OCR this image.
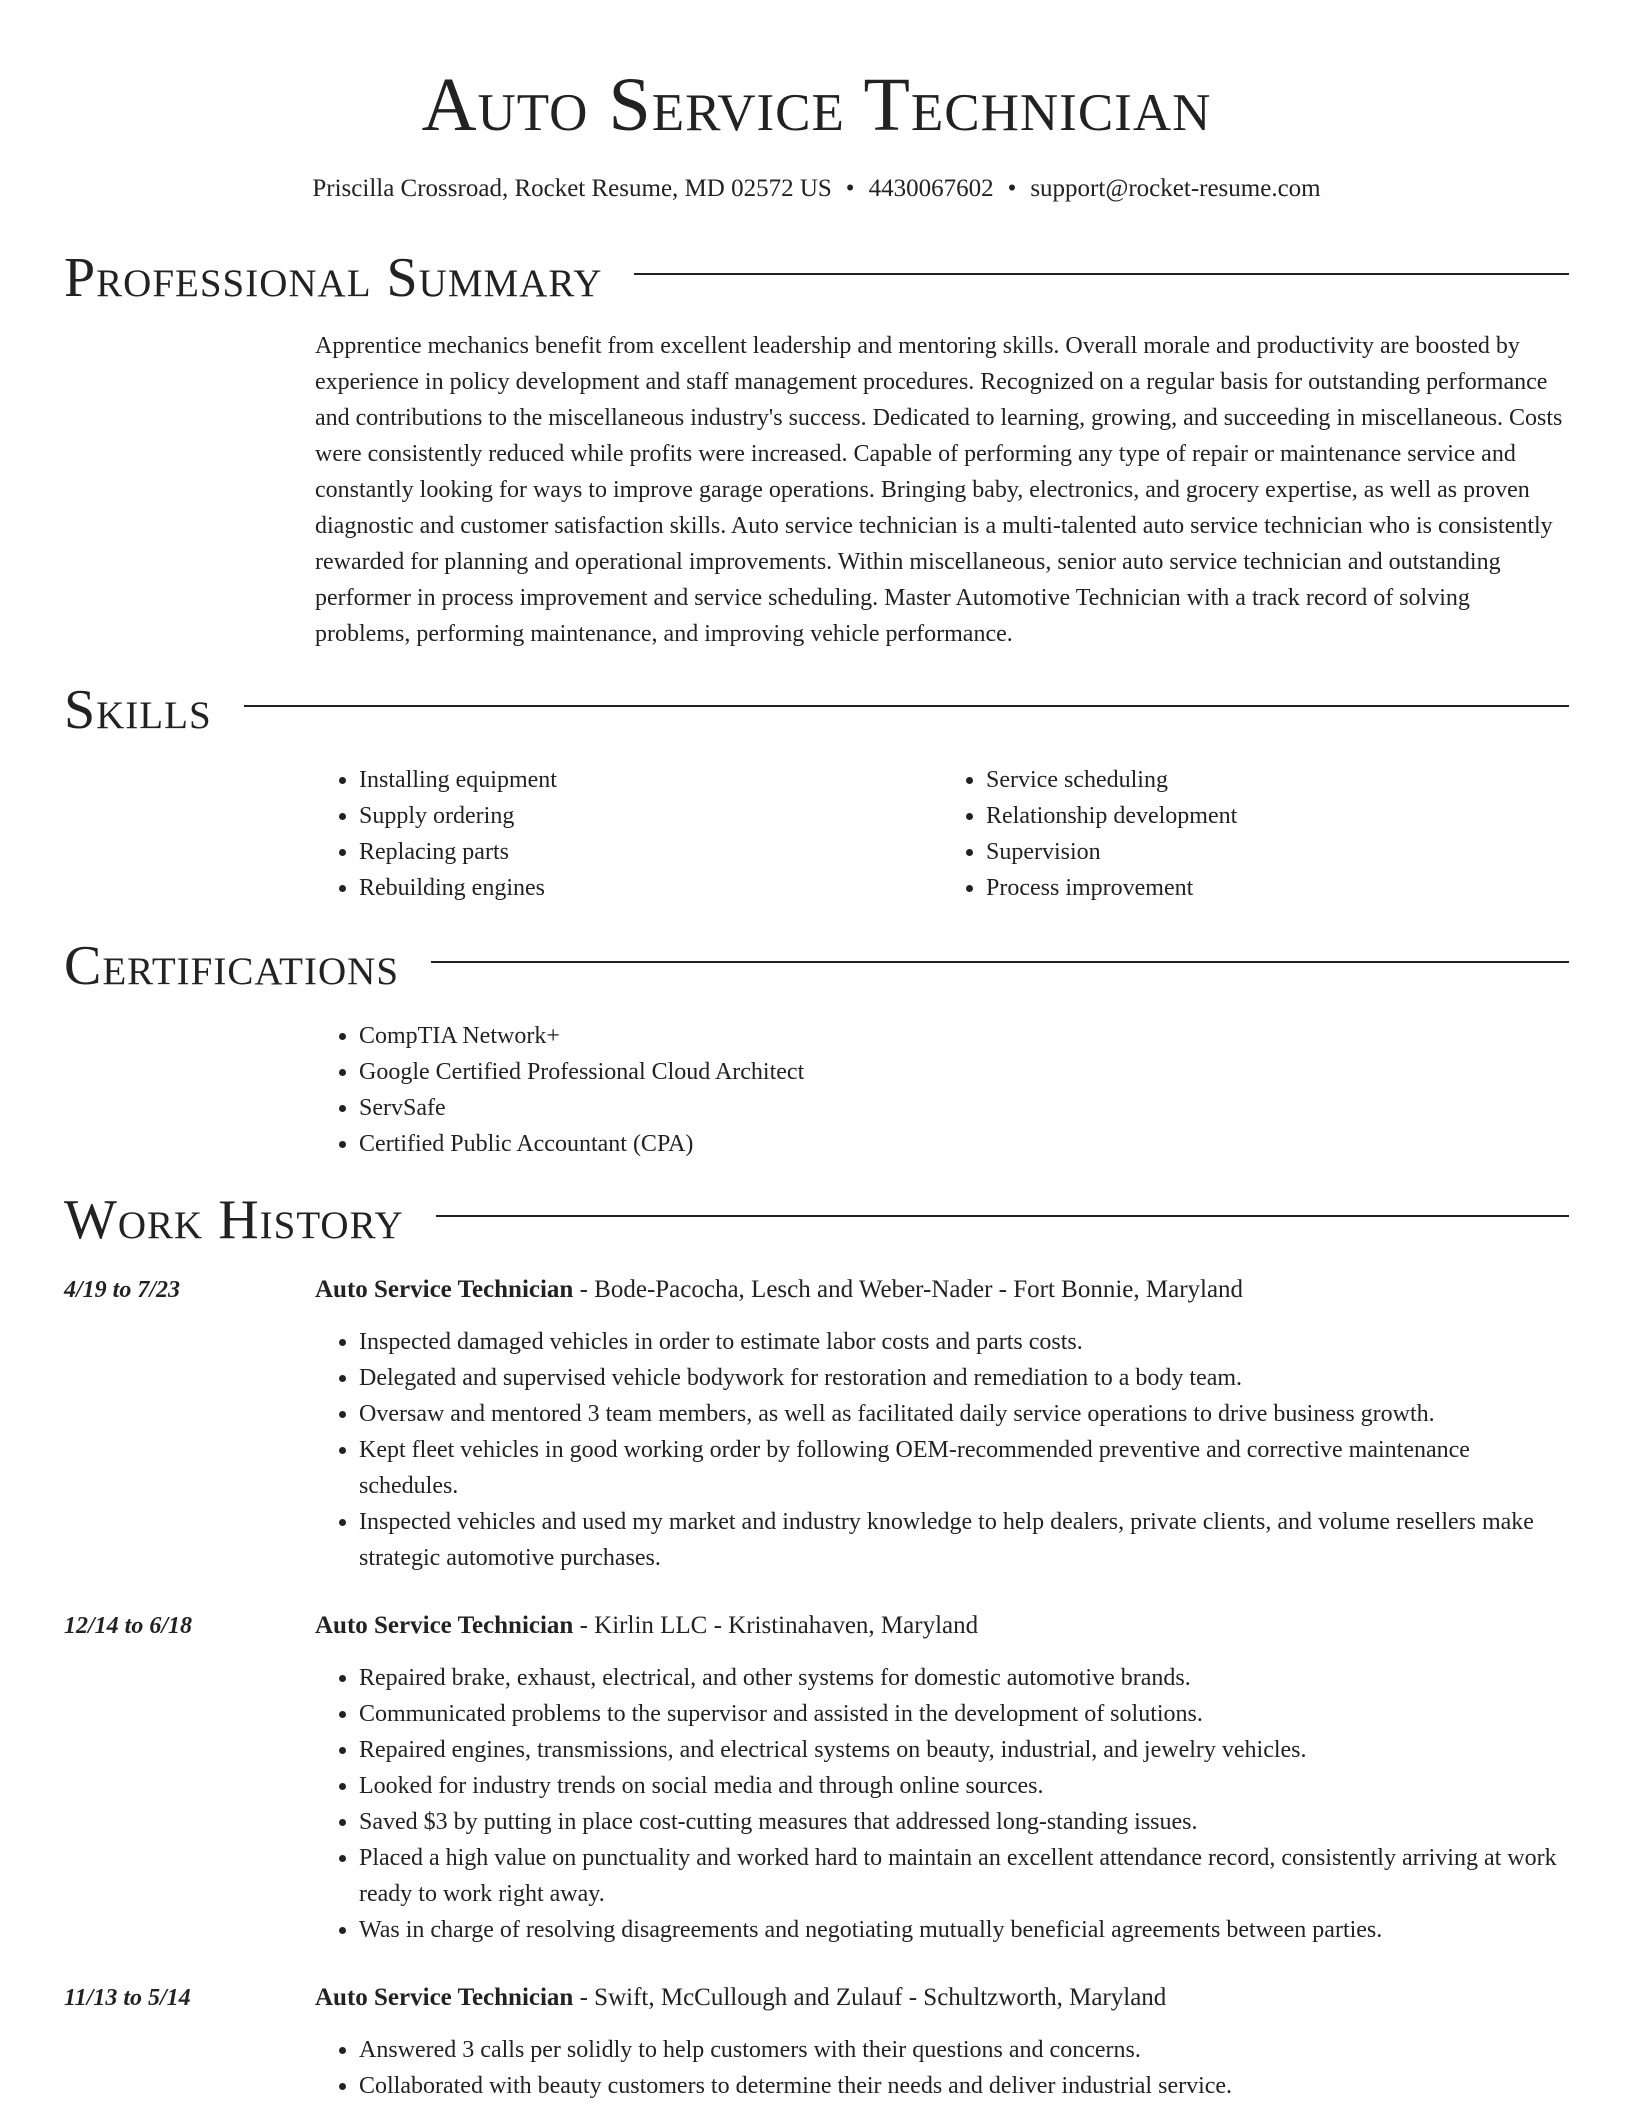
Auto Service Technician
Priscilla Crossroad, Rocket Resume, MD 02572 US • 4430067602 • support@rocket-resume.com
Professional Summary

Apprentice mechanics benefit from excellent leadership and mentoring skills. Overall morale and productivity are boosted by experience in policy development and staff management procedures. Recognized on a regular basis for outstanding performance and contributions to the miscellaneous industry's success. Dedicated to learning, growing, and succeeding in miscellaneous. Costs were consistently reduced while profits were increased. Capable of performing any type of repair or maintenance service and constantly looking for ways to improve garage operations. Bringing baby, electronics, and grocery expertise, as well as proven diagnostic and customer satisfaction skills. Auto service technician is a multi-talented auto service technician who is consistently rewarded for planning and operational improvements. Within miscellaneous, senior auto service technician and outstanding performer in process improvement and service scheduling. Master Automotive Technician with a track record of solving problems, performing maintenance, and improving vehicle performance.

Skills
• Installing equipment
• Supply ordering
• Replacing parts
• Rebuilding engines
• Service scheduling
• Relationship development
• Supervision
• Process improvement
Certifications
• CompTIA Network+
• Google Certified Professional Cloud Architect
• ServSafe
• Certified Public Accountant (CPA)
Work History
4/19 to 7/23	Auto Service Technician - Bode-Pacocha, Lesch and Weber-Nader - Fort Bonnie, Maryland
• Inspected damaged vehicles in order to estimate labor costs and parts costs.
• Delegated and supervised vehicle bodywork for restoration and remediation to a body team.
• Oversaw and mentored 3 team members, as well as facilitated daily service operations to drive business growth.
• Kept fleet vehicles in good working order by following OEM-recommended preventive and corrective maintenance schedules.
• Inspected vehicles and used my market and industry knowledge to help dealers, private clients, and volume resellers make strategic automotive purchases.
12/14 to 6/18	Auto Service Technician - Kirlin LLC - Kristinahaven, Maryland
• Repaired brake, exhaust, electrical, and other systems for domestic automotive brands.
• Communicated problems to the supervisor and assisted in the development of solutions.
• Repaired engines, transmissions, and electrical systems on beauty, industrial, and jewelry vehicles.
• Looked for industry trends on social media and through online sources.
• Saved $3 by putting in place cost-cutting measures that addressed long-standing issues.
• Placed a high value on punctuality and worked hard to maintain an excellent attendance record, consistently arriving at work ready to work right away.
• Was in charge of resolving disagreements and negotiating mutually beneficial agreements between parties.
11/13 to 5/14	Auto Service Technician - Swift, McCullough and Zulauf - Schultzworth, Maryland
• Answered 3 calls per solidly to help customers with their questions and concerns.
• Collaborated with beauty customers to determine their needs and deliver industrial service.
